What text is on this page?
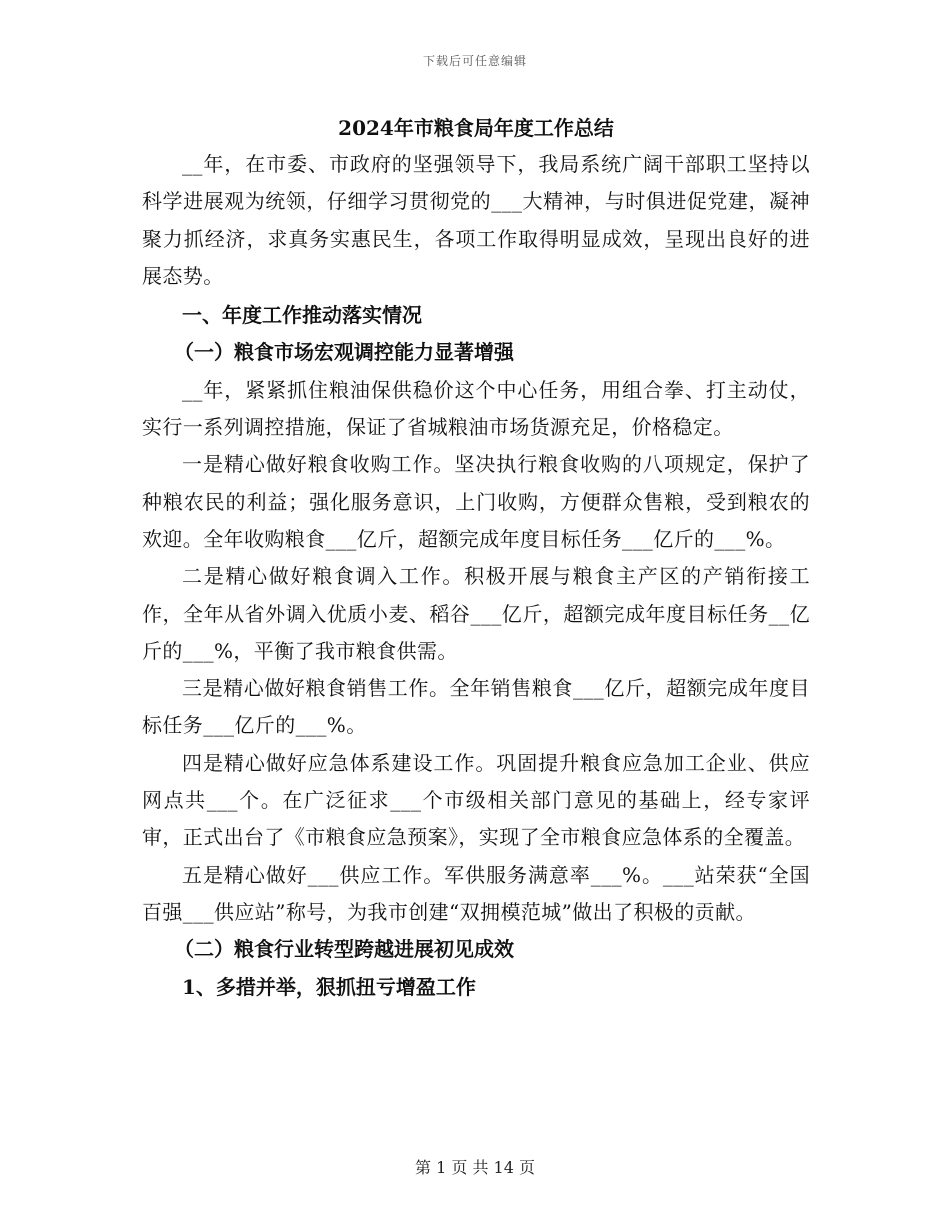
下载后可任意编辑
2024年市粮食局年度工作总结

__年，在市委、市政府的坚强领导下，我局系统广阔干部职工坚持以科学进展观为统领，仔细学习贯彻党的___大精神，与时俱进促党建，凝神聚力抓经济，求真务实惠民生，各项工作取得明显成效，呈现出良好的进展态势。

一、年度工作推动落实情况
（一）粮食市场宏观调控能力显著增强

__年，紧紧抓住粮油保供稳价这个中心任务，用组合拳、打主动仗，实行一系列调控措施，保证了省城粮油市场货源充足，价格稳定。

一是精心做好粮食收购工作。坚决执行粮食收购的八项规定，保护了种粮农民的利益；强化服务意识，上门收购，方便群众售粮，受到粮农的欢迎。全年收购粮食___亿斤，超额完成年度目标任务___亿斤的___%。

二是精心做好粮食调入工作。积极开展与粮食主产区的产销衔接工作，全年从省外调入优质小麦、稻谷___亿斤，超额完成年度目标任务__亿斤的___%，平衡了我市粮食供需。

三是精心做好粮食销售工作。全年销售粮食___亿斤，超额完成年度目标任务___亿斤的___%。

四是精心做好应急体系建设工作。巩固提升粮食应急加工企业、供应网点共___个。在广泛征求___个市级相关部门意见的基础上，经专家评审，正式出台了《市粮食应急预案》，实现了全市粮食应急体系的全覆盖。

五是精心做好___供应工作。军供服务满意率___%。___站荣获“全国百强___供应站”称号，为我市创建“双拥模范城”做出了积极的贡献。

（二）粮食行业转型跨越进展初见成效
1、多措并举，狠抓扭亏增盈工作
第 1 页 共 14 页
